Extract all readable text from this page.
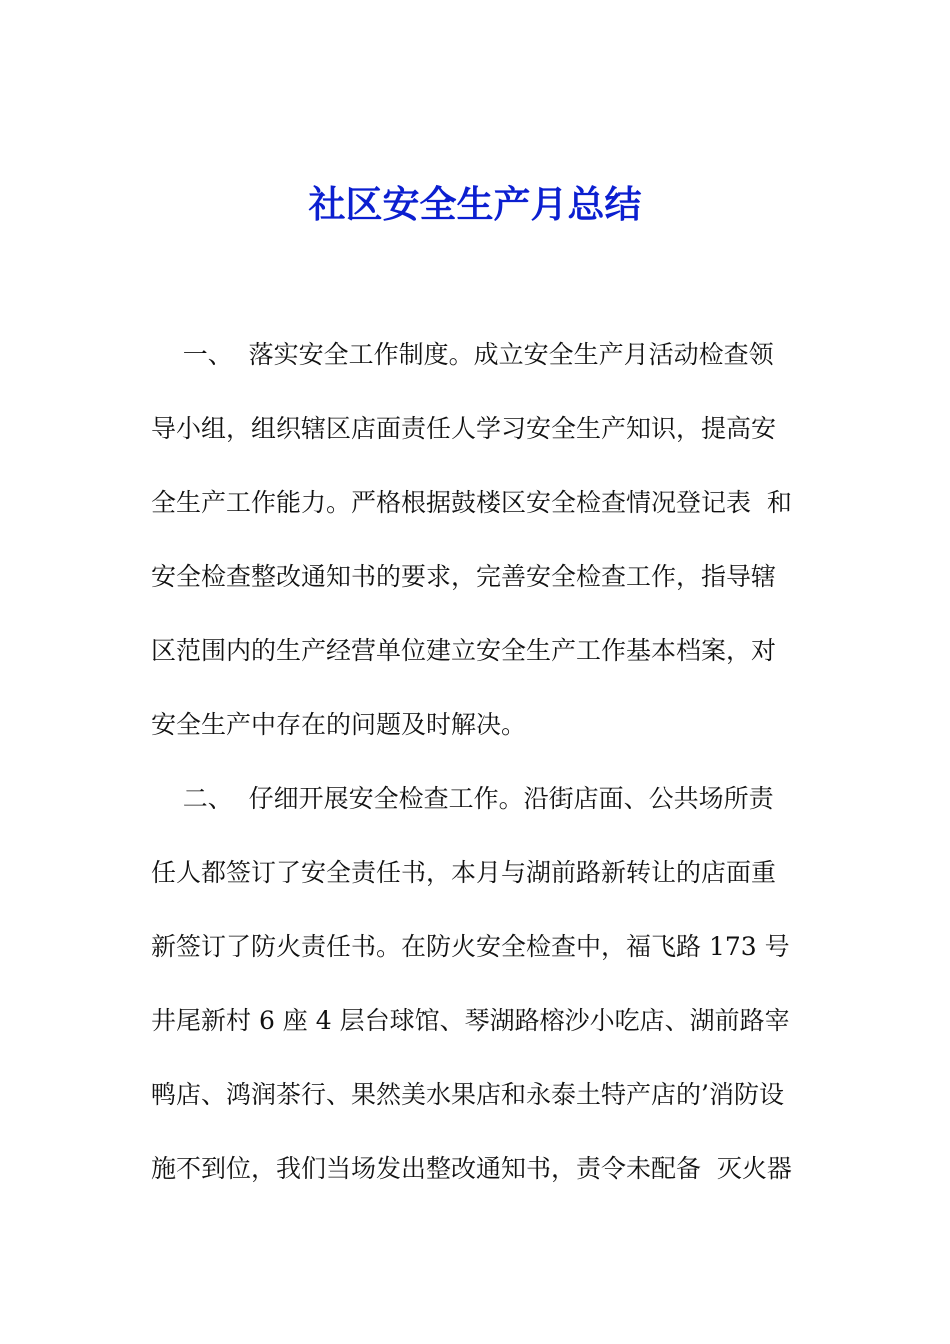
社区安全生产月总结
一、  落实安全工作制度。成立安全生产月活动检查领
导小组，组织辖区店面责任人学习安全生产知识，提高安
全生产工作能力。严格根据鼓楼区安全检查情况登记表  和
安全检查整改通知书的要求，完善安全检查工作，指导辖
区范围内的生产经营单位建立安全生产工作基本档案，对
安全生产中存在的问题及时解决。
二、  仔细开展安全检查工作。沿街店面、公共场所责
任人都签订了安全责任书，本月与湖前路新转让的店面重
新签订了防火责任书。在防火安全检查中，福飞路 173 号
井尾新村 6 座 4 层台球馆、琴湖路榕沙小吃店、湖前路宰
鸭店、鸿润茶行、果然美水果店和永泰土特产店的’消防设
施不到位，我们当场发出整改通知书，责令未配备  灭火器
